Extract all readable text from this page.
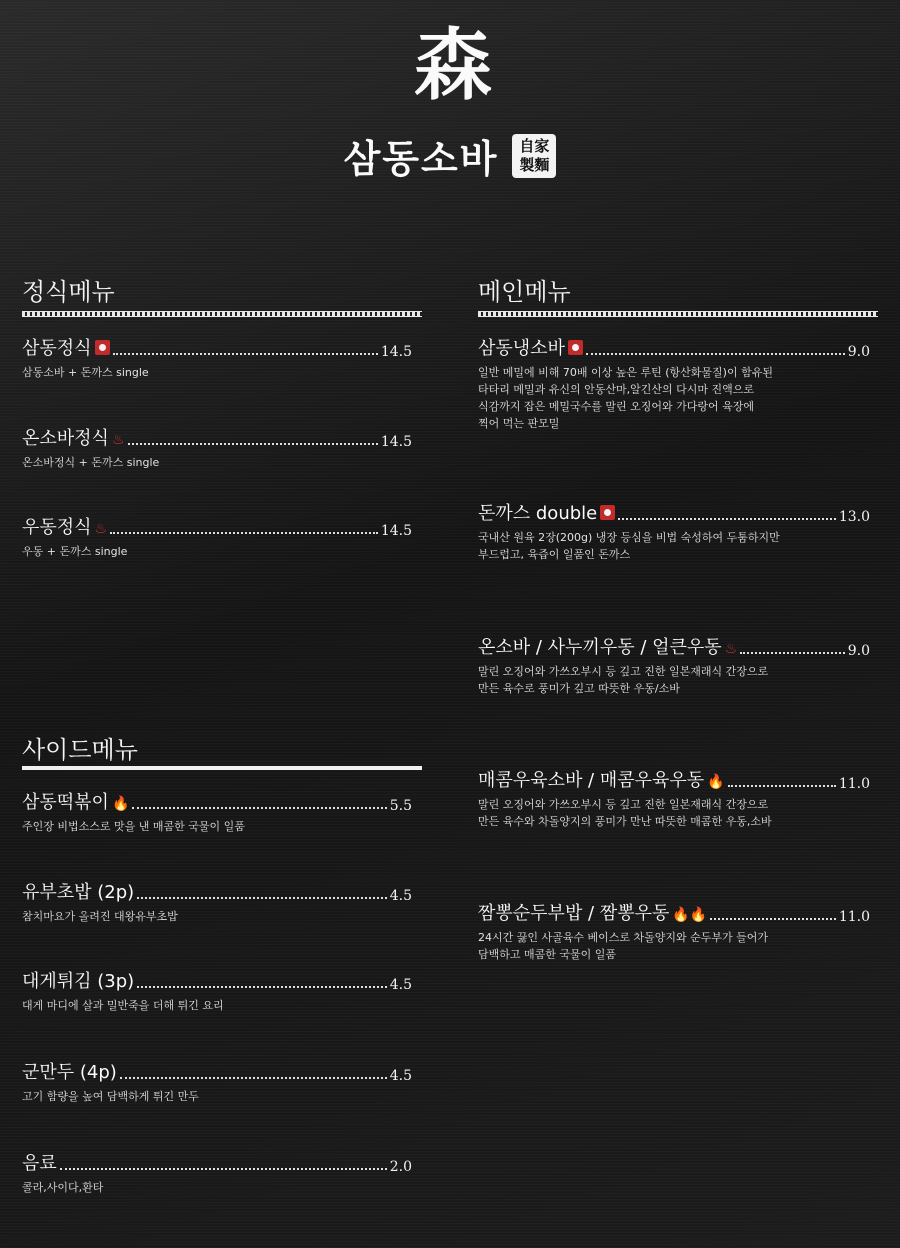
森
삼동소바 自家
製麵
정식메뉴
삼동정식	14.5
삼동소바 + 돈까스 single
온소바정식 ♨	14.5
온소바정식 + 돈까스 single
우동정식 ♨	14.5
우동 + 돈까스 single
사이드메뉴
삼동떡볶이 🔥	5.5
주인장 비법소스로 맛을 낸 매콤한 국물이 일품
유부초밥 (2p)	4.5
참치마요가 올려진 대왕유부초밥
대게튀김 (3p)	4.5
대게 마디에 살과 밀반죽을 더해 튀긴 요리
군만두 (4p)	4.5
고기 함량을 높여 담백하게 튀긴 만두
음료	2.0
콜라,사이다,환타
메인메뉴
삼동냉소바	9.0
일반 메밀에 비해 70배 이상 높은 루틴 (항산화물질)이 함유된
타타리 메밀과 유신의 안동산마,알긴산의 다시마 진액으로
식감까지 잡은 메밀국수를 말린 오징어와 가다랑어 육장에
찍어 먹는 판모밀
돈까스 double	13.0
국내산 원육 2장(200g) 냉장 등심을 비법 숙성하여 두툼하지만
부드럽고, 육즙이 일품인 돈까스
온소바 / 사누끼우동 / 얼큰우동 ♨	9.0
말린 오징어와 가쓰오부시 등 깊고 진한 일본재래식 간장으로
만든 육수로 풍미가 깊고 따뜻한 우동/소바
매콤우육소바 / 매콤우육우동 🔥	11.0
말린 오징어와 가쓰오부시 등 깊고 진한 일본재래식 간장으로
만든 육수와 차돌양지의 풍미가 만난 따뜻한 매콤한 우동,소바
짬뽕순두부밥 / 짬뽕우동 🔥🔥	11.0
24시간 끓인 사골육수 베이스로 차돌양지와 순두부가 들어가
담백하고 매콤한 국물이 일품
